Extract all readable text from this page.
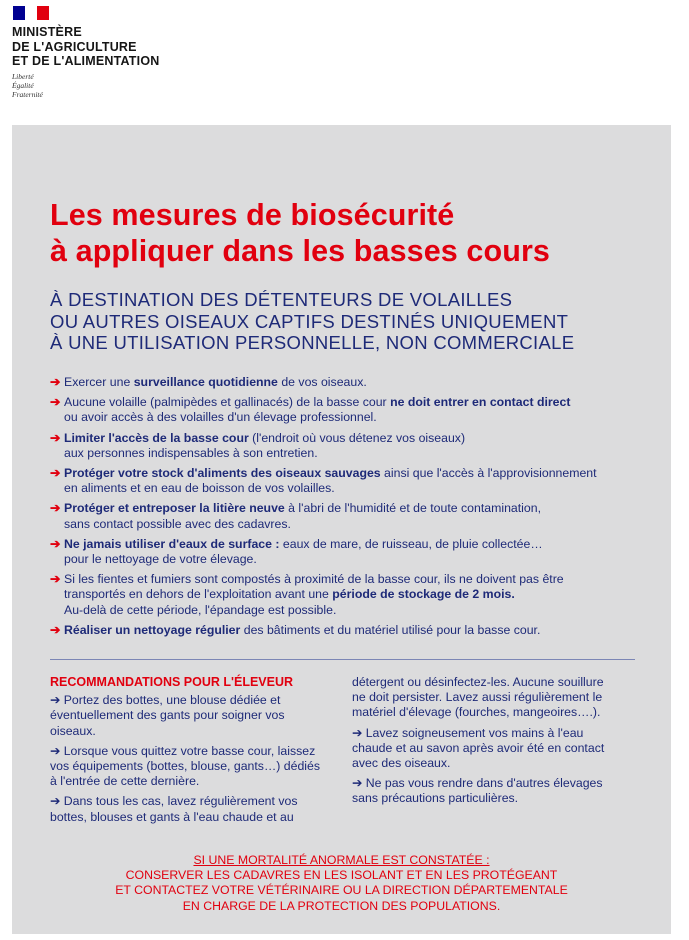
MINISTÈRE
DE L'AGRICULTURE
ET DE L'ALIMENTATION
Liberté
Égalité
Fraternité
Les mesures de biosécurité
à appliquer dans les basses cours
À DESTINATION DES DÉTENTEURS DE VOLAILLES
OU AUTRES OISEAUX CAPTIFS DESTINÉS UNIQUEMENT
À UNE UTILISATION PERSONNELLE, NON COMMERCIALE
➔ Exercer une surveillance quotidienne de vos oiseaux.
➔ Aucune volaille (palmipèdes et gallinacés) de la basse cour ne doit entrer en contact direct
ou avoir accès à des volailles d'un élevage professionnel.
➔ Limiter l'accès de la basse cour (l'endroit où vous détenez vos oiseaux)
aux personnes indispensables à son entretien.
➔ Protéger votre stock d'aliments des oiseaux sauvages ainsi que l'accès à l'approvisionnement
en aliments et en eau de boisson de vos volailles.
➔ Protéger et entreposer la litière neuve à l'abri de l'humidité et de toute contamination,
sans contact possible avec des cadavres.
➔ Ne jamais utiliser d'eaux de surface : eaux de mare, de ruisseau, de pluie collectée…
pour le nettoyage de votre élevage.
➔ Si les fientes et fumiers sont compostés à proximité de la basse cour, ils ne doivent pas être
transportés en dehors de l'exploitation avant une période de stockage de 2 mois.
Au-delà de cette période, l'épandage est possible.
➔ Réaliser un nettoyage régulier des bâtiments et du matériel utilisé pour la basse cour.
RECOMMANDATIONS POUR L'ÉLEVEUR

➔ Portez des bottes, une blouse dédiée et
éventuellement des gants pour soigner vos
oiseaux.

➔ Lorsque vous quittez votre basse cour, laissez
vos équipements (bottes, blouse, gants…) dédiés
à l'entrée de cette dernière.

➔ Dans tous les cas, lavez régulièrement vos
bottes, blouses et gants à l'eau chaude et au

détergent ou désinfectez-les. Aucune souillure
ne doit persister. Lavez aussi régulièrement le
matériel d'élevage (fourches, mangeoires….).

➔ Lavez soigneusement vos mains à l'eau
chaude et au savon après avoir été en contact
avec des oiseaux.

➔ Ne pas vous rendre dans d'autres élevages
sans précautions particulières.

SI UNE MORTALITÉ ANORMALE EST CONSTATÉE :
CONSERVER LES CADAVRES EN LES ISOLANT ET EN LES PROTÉGEANT
ET CONTACTEZ VOTRE VÉTÉRINAIRE OU LA DIRECTION DÉPARTEMENTALE
EN CHARGE DE LA PROTECTION DES POPULATIONS.
